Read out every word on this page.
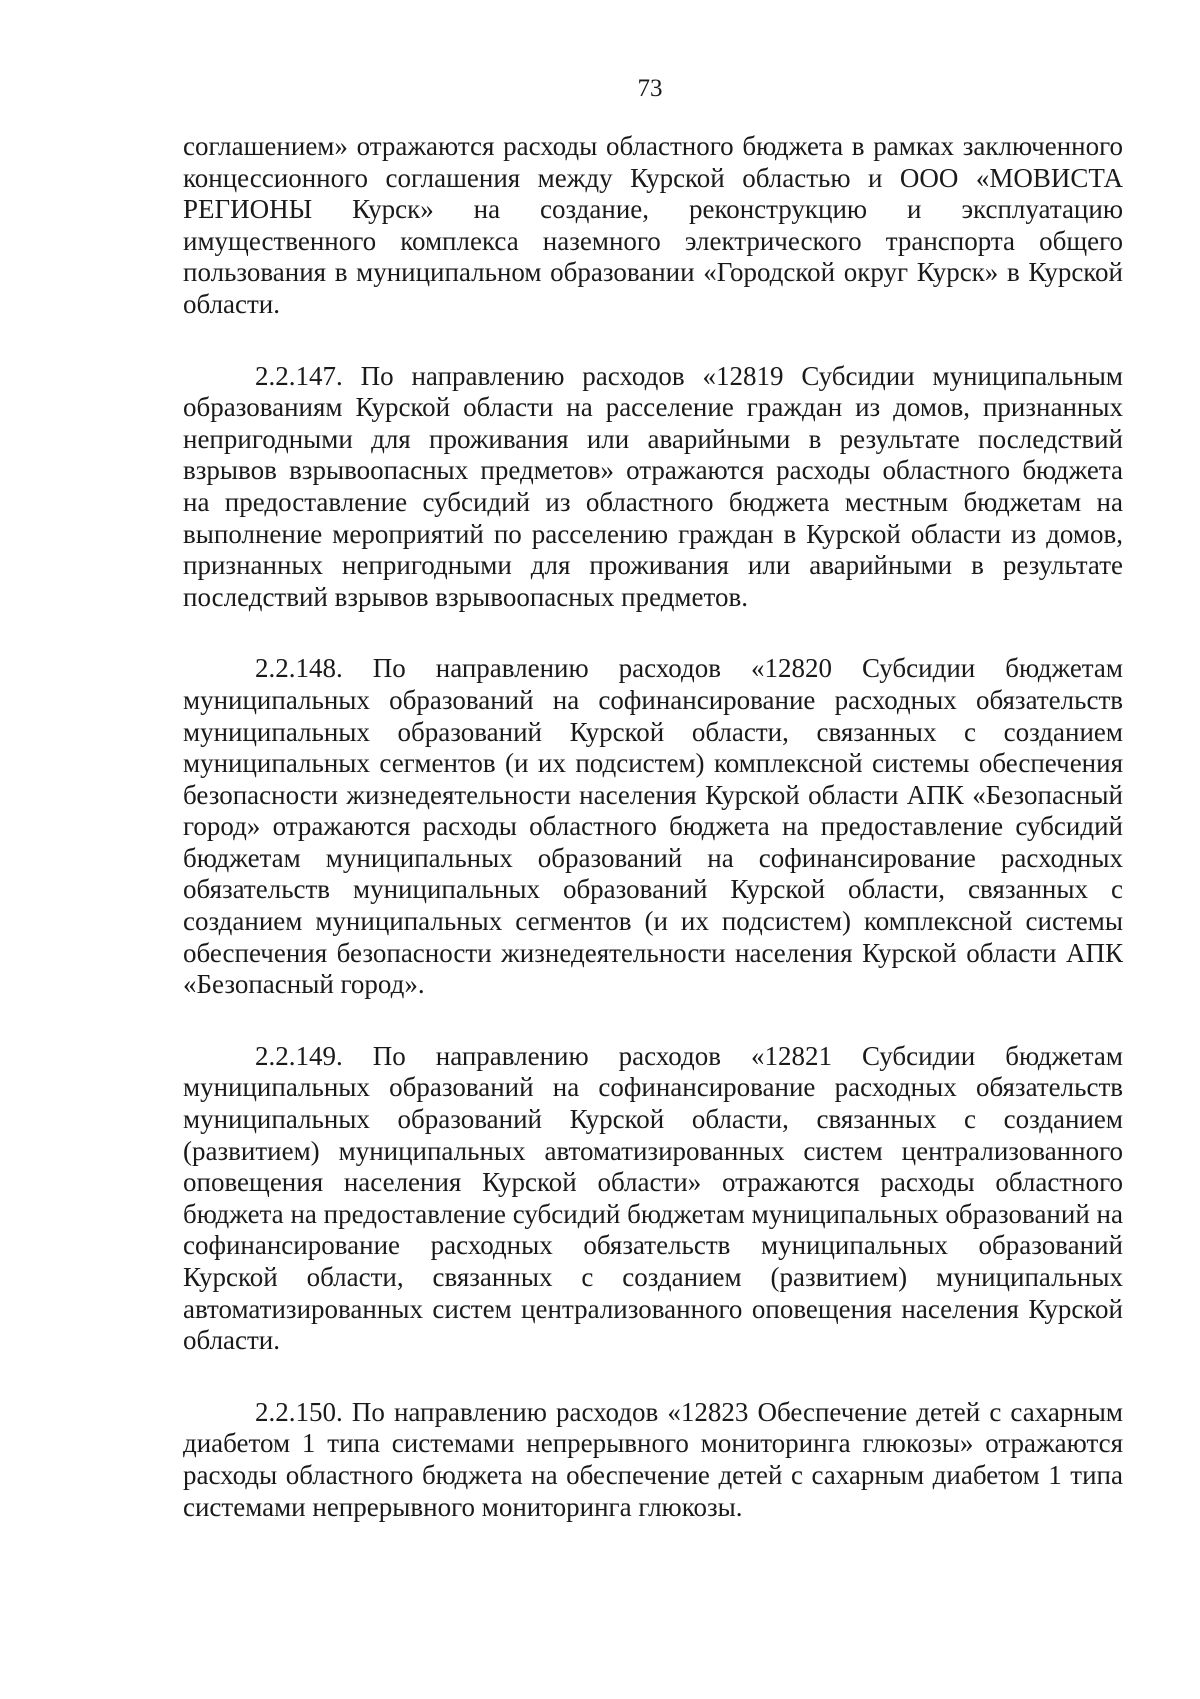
73

соглашением» отражаются расходы областного бюджета в рамках заключенного концессионного соглашения между Курской областью и ООО «МОВИСТА РЕГИОНЫ Курск» на создание, реконструкцию и эксплуатацию имущественного комплекса наземного электрического транспорта общего пользования в муниципальном образовании «Городской округ Курск» в Курской области.

2.2.147. По направлению расходов «12819 Субсидии муниципальным образованиям Курской области на расселение граждан из домов, признанных непригодными для проживания или аварийными в результате последствий взрывов взрывоопасных предметов» отражаются расходы областного бюджета на предоставление субсидий из областного бюджета местным бюджетам на выполнение мероприятий по расселению граждан в Курской области из домов, признанных непригодными для проживания или аварийными в результате последствий взрывов взрывоопасных предметов.

2.2.148. По направлению расходов «12820 Субсидии бюджетам муниципальных образований на софинансирование расходных обязательств муниципальных образований Курской области, связанных с созданием муниципальных сегментов (и их подсистем) комплексной системы обеспечения безопасности жизнедеятельности населения Курской области АПК «Безопасный город» отражаются расходы областного бюджета на предоставление субсидий бюджетам муниципальных образований на софинансирование расходных обязательств муниципальных образований Курской области, связанных с созданием муниципальных сегментов (и их подсистем) комплексной системы обеспечения безопасности жизнедеятельности населения Курской области АПК «Безопасный город».

2.2.149. По направлению расходов «12821 Субсидии бюджетам муниципальных образований на софинансирование расходных обязательств муниципальных образований Курской области, связанных с созданием (развитием) муниципальных автоматизированных систем централизованного оповещения населения Курской области» отражаются расходы областного бюджета на предоставление субсидий бюджетам муниципальных образований на софинансирование расходных обязательств муниципальных образований Курской области, связанных с созданием (развитием) муниципальных автоматизированных систем централизованного оповещения населения Курской области.

2.2.150. По направлению расходов «12823 Обеспечение детей с сахарным диабетом 1 типа системами непрерывного мониторинга глюкозы» отражаются расходы областного бюджета на обеспечение детей с сахарным диабетом 1 типа системами непрерывного мониторинга глюкозы.
